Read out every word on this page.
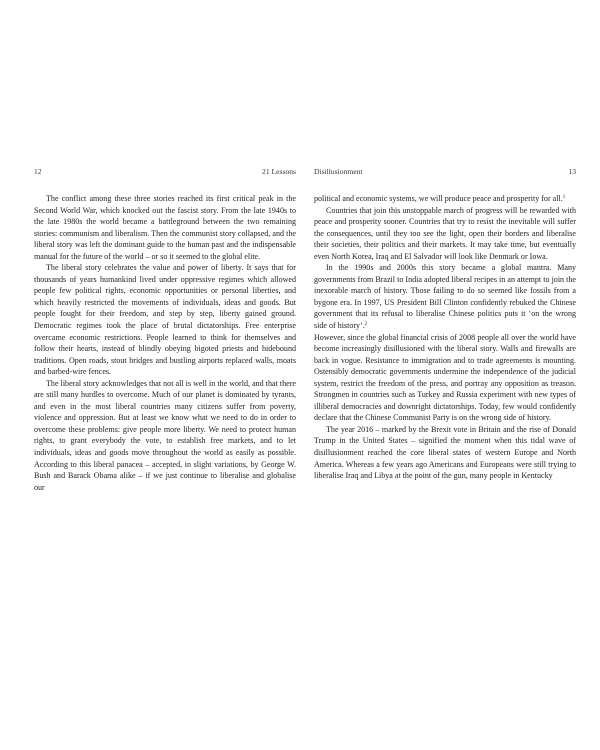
12	21 Lessons

The conflict among these three stories reached its first critical peak in the Second World War, which knocked out the fascist story. From the late 1940s to the late 1980s the world became a battleground between the two remaining stories: communism and liberalism. Then the communist story collapsed, and the liberal story was left the dominant guide to the human past and the indispensable manual for the future of the world – or so it seemed to the global elite.

The liberal story celebrates the value and power of liberty. It says that for thousands of years humankind lived under oppressive regimes which allowed people few political rights, economic opportunities or personal liberties, and which heavily restricted the movements of individuals, ideas and goods. But people fought for their freedom, and step by step, liberty gained ground. Democratic regimes took the place of brutal dictatorships. Free enterprise overcame economic restrictions. People learned to think for themselves and follow their hearts, instead of blindly obeying bigoted priests and hidebound traditions. Open roads, stout bridges and bustling airports replaced walls, moats and barbed-wire fences.

The liberal story acknowledges that not all is well in the world, and that there are still many hurdles to overcome. Much of our planet is dominated by tyrants, and even in the most liberal countries many citizens suffer from poverty, violence and oppression. But at least we know what we need to do in order to overcome these problems: give people more liberty. We need to protect human rights, to grant everybody the vote, to establish free markets, and to let individuals, ideas and goods move throughout the world as easily as possible. According to this liberal panacea – accepted, in slight variations, by George W. Bush and Barack Obama alike – if we just continue to liberalise and globalise our

Disillusionment	13

political and economic systems, we will produce peace and prosperity for all.$^1$

Countries that join this unstoppable march of progress will be rewarded with peace and prosperity sooner. Countries that try to resist the inevitable will suffer the consequences, until they too see the light, open their borders and liberalise their societies, their politics and their markets. It may take time, but eventually even North Korea, Iraq and El Salvador will look like Denmark or Iowa.

In the 1990s and 2000s this story became a global mantra. Many governments from Brazil to India adopted liberal recipes in an attempt to join the inexorable march of history. Those failing to do so seemed like fossils from a bygone era. In 1997, US President Bill Clinton confidently rebuked the Chinese government that its refusal to liberalise Chinese politics puts it ‘on the wrong side of history’.$^2$

However, since the global financial crisis of 2008 people all over the world have become increasingly disillusioned with the liberal story. Walls and firewalls are back in vogue. Resistance to immigration and to trade agreements is mounting. Ostensibly democratic governments undermine the independence of the judicial system, restrict the freedom of the press, and portray any opposition as treason. Strongmen in countries such as Turkey and Russia experiment with new types of illiberal democracies and downright dictatorships. Today, few would confidently declare that the Chinese Communist Party is on the wrong side of history.

The year 2016 – marked by the Brexit vote in Britain and the rise of Donald Trump in the United States – signified the moment when this tidal wave of disillusionment reached the core liberal states of western Europe and North America. Whereas a few years ago Americans and Europeans were still trying to liberalise Iraq and Libya at the point of the gun, many people in Kentucky
